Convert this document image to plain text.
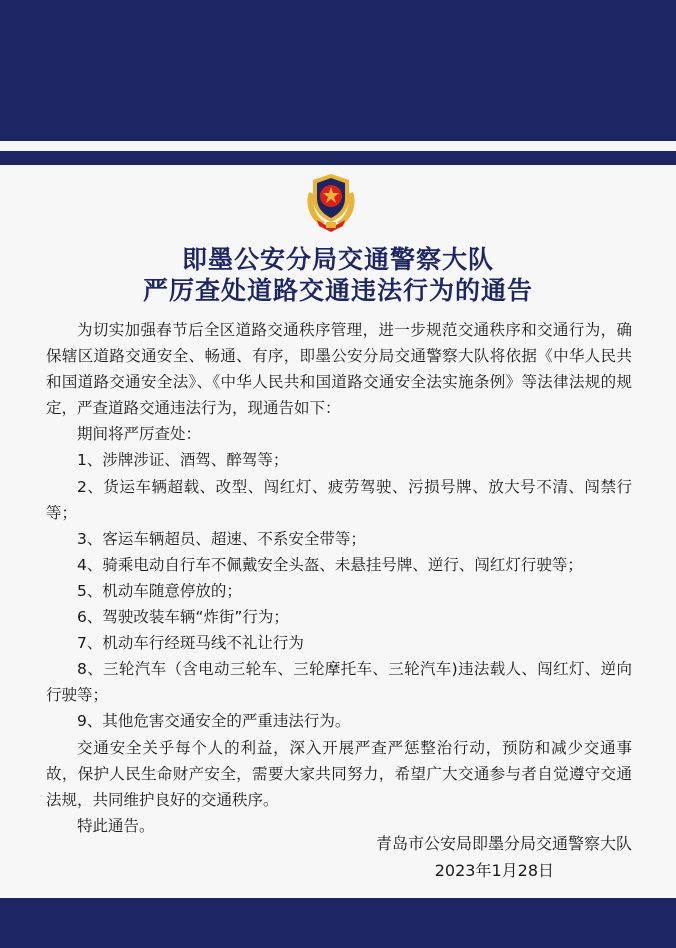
即墨公安分局交通警察大队
严厉查处道路交通违法行为的通告

为切实加强春节后全区道路交通秩序管理，进一步规范交通秩序和交通行为，确保辖区道路交通安全、畅通、有序，即墨公安分局交通警察大队将依据《中华人民共和国道路交通安全法》、《中华人民共和国道路交通安全法实施条例》等法律法规的规定，严查道路交通违法行为，现通告如下：

期间将严厉查处：

1、涉牌涉证、酒驾、醉驾等；

2、货运车辆超载、改型、闯红灯、疲劳驾驶、污损号牌、放大号不清、闯禁行等；

3、客运车辆超员、超速、不系安全带等；

4、骑乘电动自行车不佩戴安全头盔、未悬挂号牌、逆行、闯红灯行驶等；

5、机动车随意停放的；

6、驾驶改装车辆“炸街”行为；

7、机动车行经斑马线不礼让行为

8、三轮汽车（含电动三轮车、三轮摩托车、三轮汽车)违法载人、闯红灯、逆向行驶等；

9、其他危害交通安全的严重违法行为。

交通安全关乎每个人的利益，深入开展严查严惩整治行动，预防和减少交通事故，保护人民生命财产安全，需要大家共同努力，希望广大交通参与者自觉遵守交通法规，共同维护良好的交通秩序。

特此通告。

青岛市公安局即墨分局交通警察大队
2023年1月28日
